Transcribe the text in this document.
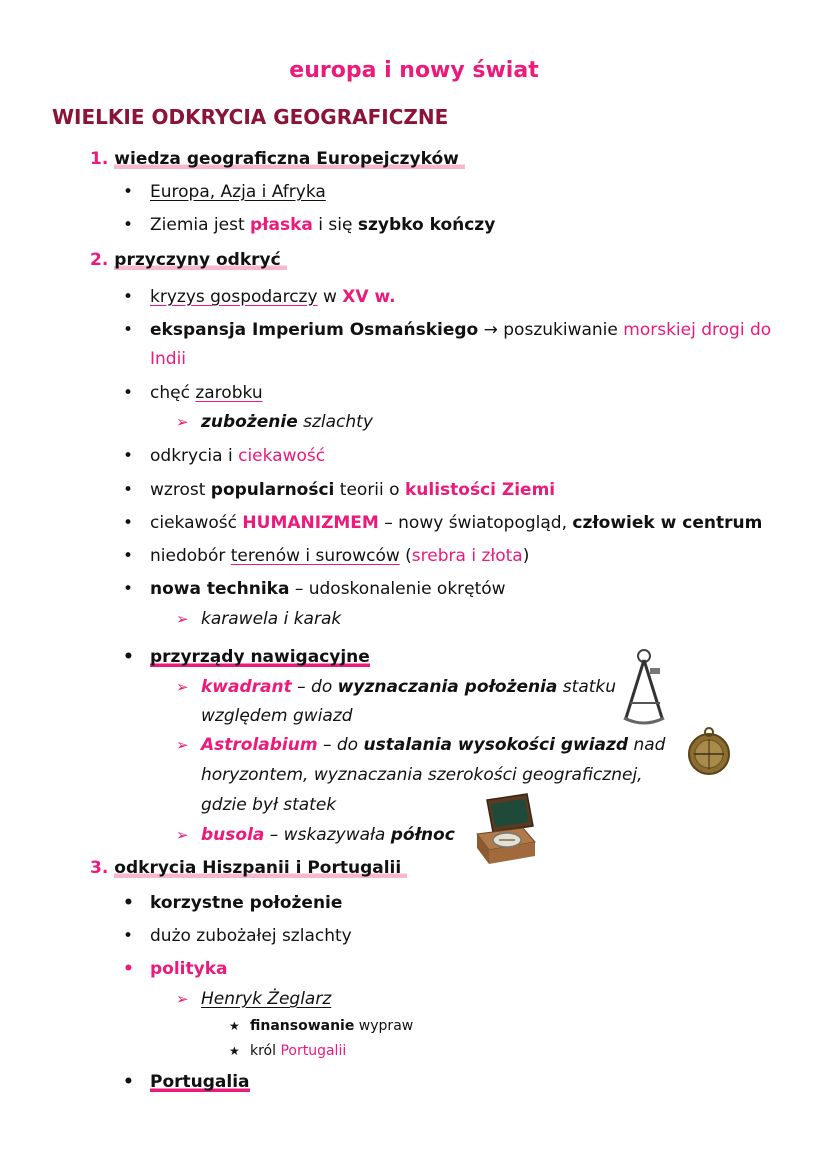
europa i nowy świat
WIELKIE ODKRYCIA GEOGRAFICZNE
1. wiedza geograficzna Europejczyków
• Europa, Azja i Afryka
• Ziemia jest płaska i się szybko kończy
2. przyczyny odkryć
• kryzys gospodarczy w XV w.
• ekspansja Imperium Osmańskiego → poszukiwanie morskiej drogi do
Indii
• chęć zarobku
➢ zubożenie szlachty
• odkrycia i ciekawość
• wzrost popularności teorii o kulistości Ziemi
• ciekawość HUMANIZMEM – nowy światopogląd, człowiek w centrum
• niedobór terenów i surowców (srebra i złota)
• nowa technika – udoskonalenie okrętów
➢ karawela i karak
• przyrządy nawigacyjne
➢ kwadrant – do wyznaczania położenia statku
względem gwiazd
➢ Astrolabium – do ustalania wysokości gwiazd nad
horyzontem, wyznaczania szerokości geograficznej,
gdzie był statek
➢ busola – wskazywała północ
3. odkrycia Hiszpanii i Portugalii
• korzystne położenie
• dużo zubożałej szlachty
• polityka
➢ Henryk Żeglarz
★ finansowanie wypraw
★ król Portugalii
• Portugalia
